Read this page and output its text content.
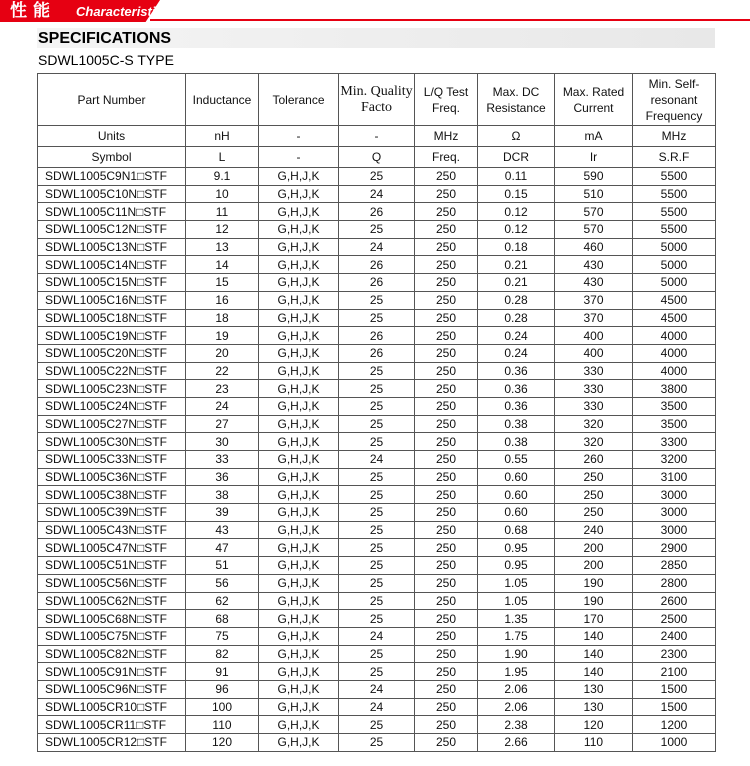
性能 Characteristics
SPECIFICATIONS
SDWL1005C-S TYPE
Part Number	Inductance	Tolerance	Min. Quality Facto	L/Q Test Freq.	Max. DC Resistance	Max. Rated Current	Min. Self-resonant Frequency
Units	nH	-	-	MHz	Ω	mA	MHz
Symbol	L	-	Q	Freq.	DCR	Ir	S.R.F
SDWL1005C9N1□STF	9.1	G,H,J,K	25	250	0.11	590	5500
SDWL1005C10N□STF	10	G,H,J,K	24	250	0.15	510	5500
SDWL1005C11N□STF	11	G,H,J,K	26	250	0.12	570	5500
SDWL1005C12N□STF	12	G,H,J,K	25	250	0.12	570	5500
SDWL1005C13N□STF	13	G,H,J,K	24	250	0.18	460	5000
SDWL1005C14N□STF	14	G,H,J,K	26	250	0.21	430	5000
SDWL1005C15N□STF	15	G,H,J,K	26	250	0.21	430	5000
SDWL1005C16N□STF	16	G,H,J,K	25	250	0.28	370	4500
SDWL1005C18N□STF	18	G,H,J,K	25	250	0.28	370	4500
SDWL1005C19N□STF	19	G,H,J,K	26	250	0.24	400	4000
SDWL1005C20N□STF	20	G,H,J,K	26	250	0.24	400	4000
SDWL1005C22N□STF	22	G,H,J,K	25	250	0.36	330	4000
SDWL1005C23N□STF	23	G,H,J,K	25	250	0.36	330	3800
SDWL1005C24N□STF	24	G,H,J,K	25	250	0.36	330	3500
SDWL1005C27N□STF	27	G,H,J,K	25	250	0.38	320	3500
SDWL1005C30N□STF	30	G,H,J,K	25	250	0.38	320	3300
SDWL1005C33N□STF	33	G,H,J,K	24	250	0.55	260	3200
SDWL1005C36N□STF	36	G,H,J,K	25	250	0.60	250	3100
SDWL1005C38N□STF	38	G,H,J,K	25	250	0.60	250	3000
SDWL1005C39N□STF	39	G,H,J,K	25	250	0.60	250	3000
SDWL1005C43N□STF	43	G,H,J,K	25	250	0.68	240	3000
SDWL1005C47N□STF	47	G,H,J,K	25	250	0.95	200	2900
SDWL1005C51N□STF	51	G,H,J,K	25	250	0.95	200	2850
SDWL1005C56N□STF	56	G,H,J,K	25	250	1.05	190	2800
SDWL1005C62N□STF	62	G,H,J,K	25	250	1.05	190	2600
SDWL1005C68N□STF	68	G,H,J,K	25	250	1.35	170	2500
SDWL1005C75N□STF	75	G,H,J,K	24	250	1.75	140	2400
SDWL1005C82N□STF	82	G,H,J,K	25	250	1.90	140	2300
SDWL1005C91N□STF	91	G,H,J,K	25	250	1.95	140	2100
SDWL1005C96N□STF	96	G,H,J,K	24	250	2.06	130	1500
SDWL1005CR10□STF	100	G,H,J,K	24	250	2.06	130	1500
SDWL1005CR11□STF	110	G,H,J,K	25	250	2.38	120	1200
SDWL1005CR12□STF	120	G,H,J,K	25	250	2.66	110	1000
